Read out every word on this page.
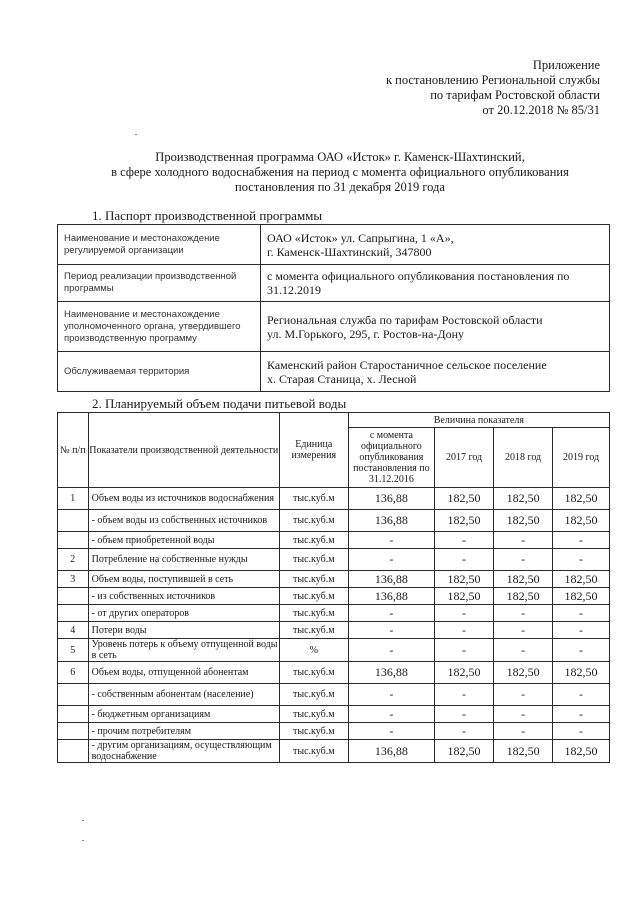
Приложение
к постановлению Региональной службы
по тарифам Ростовской области
от 20.12.2018 № 85/31
Производственная программа ОАО «Исток» г. Каменск-Шахтинский,
в сфере холодного водоснабжения на период с момента официального опубликования
постановления по 31 декабря 2019 года
1. Паспорт производственной программы
Наименование и местонахождение регулируемой организации	ОАО «Исток» ул. Сапрыгина, 1 «А»,
г. Каменск-Шахтинский, 347800

Период реализации производственной программы	с момента официального опубликования постановления по
31.12.2019

Наименование и местонахождение уполномоченного органа, утвердившего производственную программу	Региональная служба по тарифам Ростовской области
ул. М.Горького, 295, г. Ростов-на-Дону

Обслуживаемая территория	Каменский район Старостаничное сельское поселение
х. Старая Станица, х. Лесной
2. Планируемый объем подачи питьевой воды
№ п/п	Показатели производственной деятельности	Единица измерения	Величина показателя			
			с момента официального опубликования постановления по 31.12.2016	2017 год	2018 год	2019 год
1	Объем воды из источников водоснабжения	тыс.куб.м	136,88	182,50	182,50	182,50
	- объем воды из собственных источников	тыс.куб.м	136,88	182,50	182,50	182,50
	- объем приобретенной воды	тыс.куб.м	-	-	-	-
2	Потребление на собственные нужды	тыс.куб.м	-	-	-	-
3	Объем воды, поступившей в сеть	тыс.куб.м	136,88	182,50	182,50	182,50
	- из собственных источников	тыс.куб.м	136,88	182,50	182,50	182,50
	- от других операторов	тыс.куб.м	-	-	-	-
4	Потери воды	тыс.куб.м	-	-	-	-
5	Уровень потерь к объему отпущенной воды в сеть	%	-	-	-	-
6	Объем воды, отпущенной абонентам	тыс.куб.м	136,88	182,50	182,50	182,50
	- собственным абонентам (население)	тыс.куб.м	-	-	-	-
	- бюджетным организациям	тыс.куб.м	-	-	-	-
	- прочим потребителям	тыс.куб.м	-	-	-	-
	- другим организациям, осуществляющим водоснабжение	тыс.куб.м	136,88	182,50	182,50	182,50
